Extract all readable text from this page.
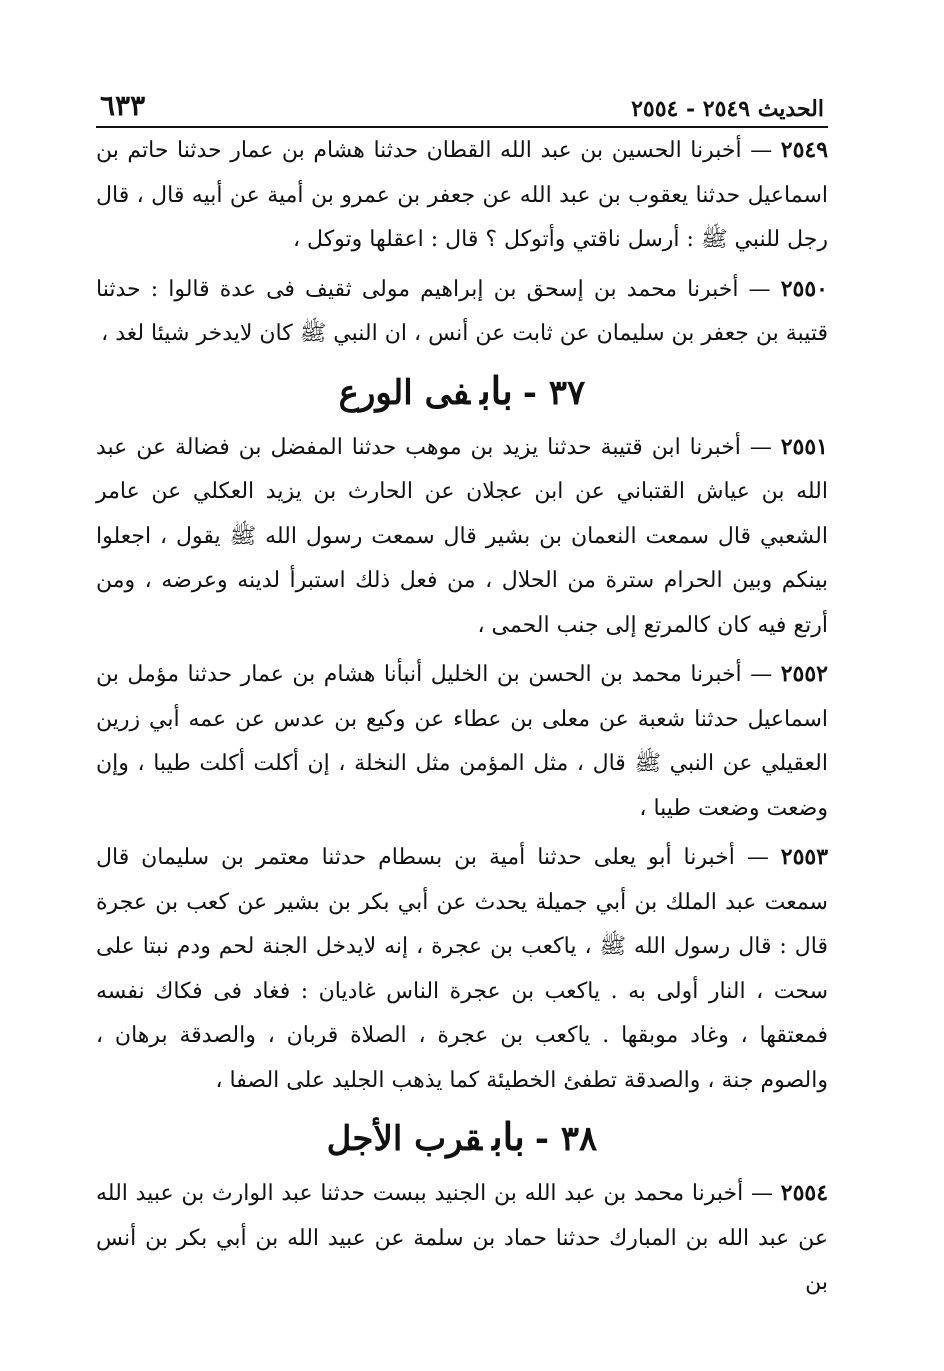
الحديث ٢٥٤٩ - ٢٥٥٤
٦٣٣

٢٥٤٩ — أخبرنا الحسين بن عبد الله القطان حدثنا هشام بن عمار حدثنا حاتم بن اسماعيل حدثنا يعقوب بن عبد الله عن جعفر بن عمرو بن أمية عن أبيه قال ، قال رجل للنبي ﷺ : أرسل ناقتي وأتوكل ؟ قال : اعقلها وتوكل ،

٢٥٥٠ — أخبرنا محمد بن إسحق بن إبراهيم مولى ثقيف فى عدة قالوا : حدثنا قتيبة بن جعفر بن سليمان عن ثابت عن أنس ، ان النبي ﷺ كان لايدخر شيئا لغد ،

٣٧ -بابفى الورع

٢٥٥١ — أخبرنا ابن قتيبة حدثنا يزيد بن موهب حدثنا المفضل بن فضالة عن عبد الله بن عياش القتباني عن ابن عجلان عن الحارث بن يزيد العكلي عن عامر الشعبي قال سمعت النعمان بن بشير قال سمعت رسول الله ﷺ يقول ، اجعلوا بينكم وبين الحرام سترة من الحلال ، من فعل ذلك استبرأ لدينه وعرضه ، ومن أرتع فيه كان كالمرتع إلى جنب الحمى ،

٢٥٥٢ — أخبرنا محمد بن الحسن بن الخليل أنبأنا هشام بن عمار حدثنا مؤمل بن اسماعيل حدثنا شعبة عن معلى بن عطاء عن وكيع بن عدس عن عمه أبي زرين العقيلي عن النبي ﷺ قال ، مثل المؤمن مثل النخلة ، إن أكلت أكلت طيبا ، وإن وضعت وضعت طيبا ،

٢٥٥٣ — أخبرنا أبو يعلى حدثنا أمية بن بسطام حدثنا معتمر بن سليمان قال سمعت عبد الملك بن أبي جميلة يحدث عن أبي بكر بن بشير عن كعب بن عجرة قال : قال رسول الله ﷺ ، ياكعب بن عجرة ، إنه لايدخل الجنة لحم ودم نبتا على سحت ، النار أولى به . ياكعب بن عجرة الناس غاديان : فغاد فى فكاك نفسه فمعتقها ، وغاد موبقها . ياكعب بن عجرة ، الصلاة قربان ، والصدقة برهان ، والصوم جنة ، والصدقة تطفئ الخطيئة كما يذهب الجليد على الصفا ،

٣٨ -بابقرب الأجل

٢٥٥٤ — أخبرنا محمد بن عبد الله بن الجنيد ببست حدثنا عبد الوارث بن عبيد الله عن عبد الله بن المبارك حدثنا حماد بن سلمة عن عبيد الله بن أبي بكر بن أنس بن
